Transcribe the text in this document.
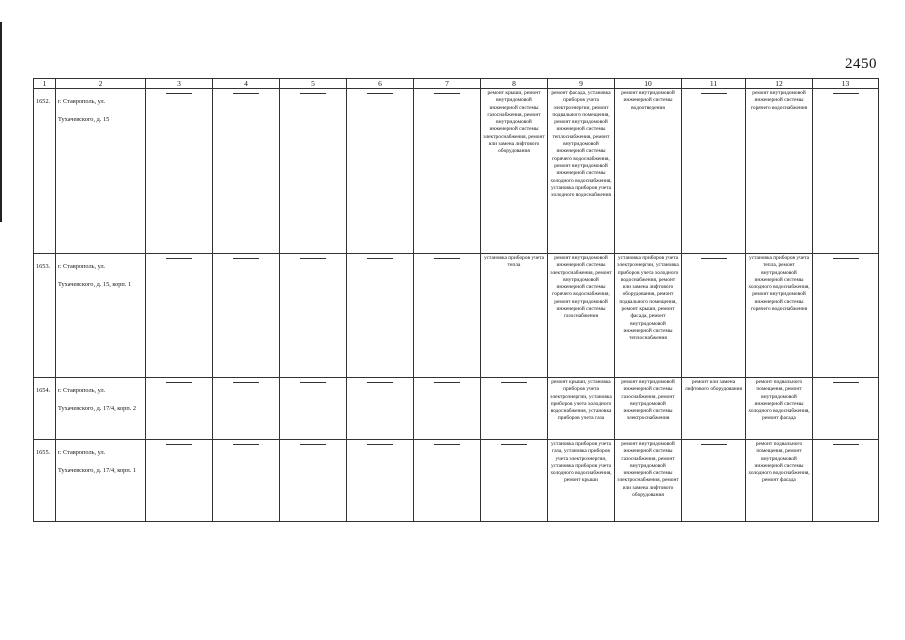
2450
1	2	3	4	5	6	7	8	9	10	11	12	13
1652.	г. Ставрополь, ул. Тухачевского, д. 15						ремонт крыши, ремонт внутридомовой инженерной системы газоснабжения, ремонт внутридомовой инженерной системы электроснабжения, ремонт или замена лифтового оборудования	ремонт фасада, установка приборов учета электроэнергии, ремонт подвального помещения, ремонт внутридомовой инженерной системы теплоснабжения, ремонт внутридомовой инженерной системы горячего водоснабжения, ремонт внутридомовой инженерной системы холодного водоснабжения, установка приборов учета холодного водоснабжения	ремонт внутридомовой инженерной системы водоотведения		ремонт внутридомовой инженерной системы горячего водоснабжения	

1653.	г. Ставрополь, ул. Тухачевского, д. 15, корп. 1						установка приборов учета тепла	ремонт внутридомовой инженерной системы электроснабжения, ремонт внутридомовой инженерной системы горячего водоснабжения, ремонт внутридомовой инженерной системы газоснабжения	установка приборов учета электроэнергии, установка приборов учета холодного водоснабжения, ремонт или замена лифтового оборудования, ремонт подвального помещения, ремонт крыши, ремонт фасада, ремонт внутридомовой инженерной системы теплоснабжения		установка приборов учета тепла, ремонт внутридомовой инженерной системы холодного водоснабжения, ремонт внутридомовой инженерной системы горячего водоснабжения	

1654.	г. Ставрополь, ул. Тухачевского, д. 17/4, корп. 2							ремонт крыши, установка приборов учета электроэнергии, установка приборов учета холодного водоснабжения, установка приборов учета газа	ремонт внутридомовой инженерной системы газоснабжения, ремонт внутридомовой инженерной системы электроснабжения	ремонт или замена лифтового оборудования	ремонт подвального помещения, ремонт внутридомовой инженерной системы холодного водоснабжения, ремонт фасада	

1655.	г. Ставрополь, ул. Тухачевского, д. 17/4, корп. 1							установка приборов учета газа, установка приборов учета электроэнергии, установка приборов учета холодного водоснабжения, ремонт крыши	ремонт внутридомовой инженерной системы газоснабжения, ремонт внутридомовой инженерной системы электроснабжения, ремонт или замена лифтового оборудования		ремонт подвального помещения, ремонт внутридомовой инженерной системы холодного водоснабжения, ремонт фасада	
